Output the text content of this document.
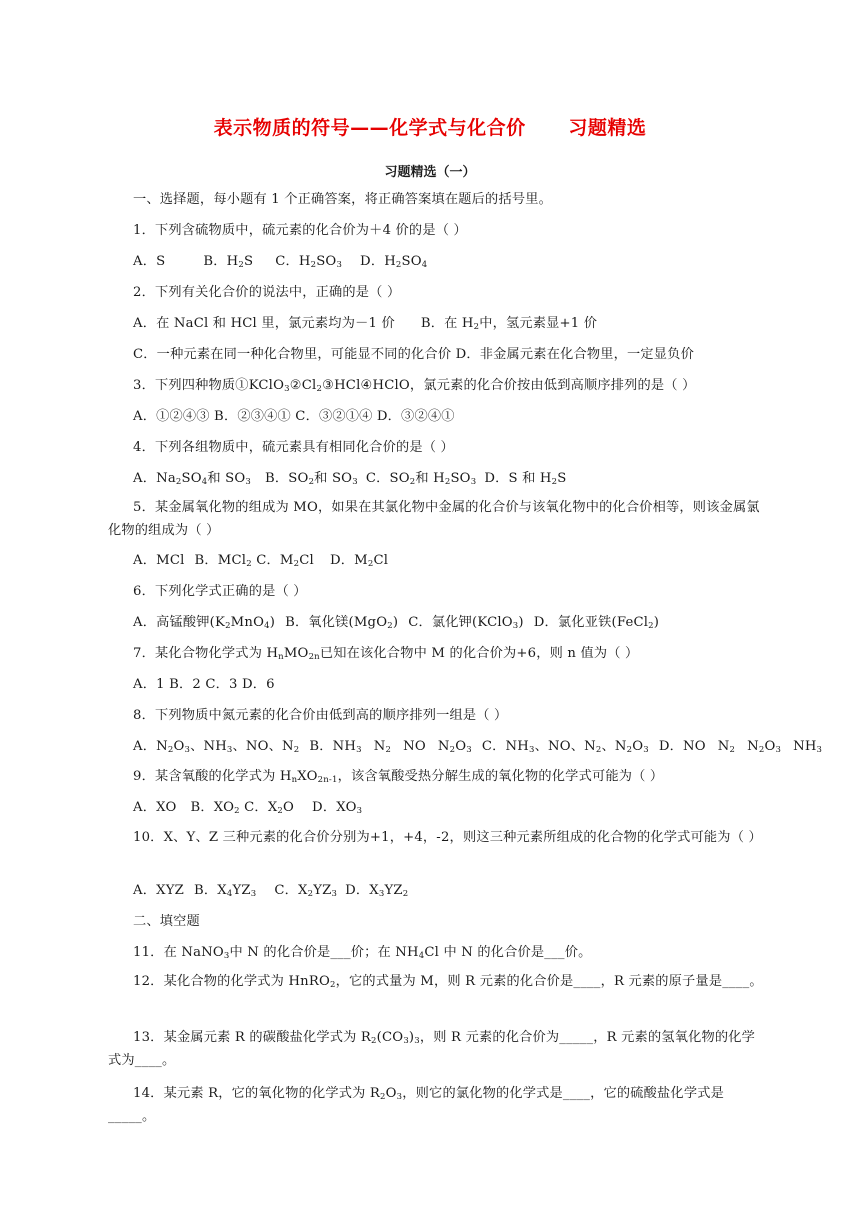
表示物质的符号——化学式与化合价      习题精选
习题精选（一）
一、选择题，每小题有 1 个正确答案，将正确答案填在题后的括号里。
1．下列含硫物质中，硫元素的化合价为＋4 价的是（ ）
A．S	B．$H_2S$ C．$H_2SO_3$ D．$H_2SO_4$
2．下列有关化合价的说法中，正确的是（ ）
A．在 NaCl 和 HCl 里，氯元素均为－1 价 B．在 $H_2$中，氢元素显+1 价
C．一种元素在同一种化合物里，可能显不同的化合价 D．非金属元素在化合物里，一定显负价
3．下列四种物质$①KClO_3②Cl_2③HCl④HClO$，氯元素的化合价按由低到高顺序排列的是（ ）
A．①②④③ B．②③④① C．③②①④ D．③②④①
4．下列各组物质中，硫元素具有相同化合价的是（ ）
A．$Na_2SO_4$和 $SO_3$ B．$SO_2$和 $SO_3$ C．$SO_2$和 $H_2SO_3$ D．S 和 $H_2S$
5．某金属氧化物的组成为 MO，如果在其氯化物中金属的化合价与该氧化物中的化合价相等，则该金属氯化物的组成为（ ）
A．MCl B．MCl$_2$ C．$M_2Cl$ D．$M_2Cl$
6．下列化学式正确的是（ ）
A．高锰酸钾$(K_2MnO_4)$ B．氧化镁(MgO$_2$) C．氯化钾(KClO$_3$) D．氯化亚铁(FeCl$_2$)
7．某化合物化学式为 $H_nMO_{2n}$已知在该化合物中 M 的化合价为+6，则 n 值为（ ）
A．1 B．2 C．3 D．6
8．下列物质中氮元素的化合价由低到高的顺序排列一组是（ ）
A．$N_2O_3$、$NH_3$、NO、$N_2$ B．$NH_3$ $N_2$ NO $N_2O_3$ C．$NH_3$、NO、$N_2$、$N_2O_3$ D．NO $N_2$ $N_2O_3$ $NH_3$
9．某含氧酸的化学式为 $H_nXO_{2n-1}$，该含氧酸受热分解生成的氧化物的化学式可能为（ ）
A．XO B．$XO_2$ C．$X_2O$ D．$XO_3$
10．X、Y、Z 三种元素的化合价分别为+1，+4，-2，则这三种元素所组成的化合物的化学式可能为（ ）
A．XYZ B．$X_4YZ_3$ C．$X_2YZ_3$ D．$X_3YZ_2$
二、填空题
11．在 NaNO$_3$中 N 的化合价是___价；在 $NH_4Cl$ 中 N 的化合价是___价。
12．某化合物的化学式为 HnRO$_2$，它的式量为 M，则 R 元素的化合价是____，R 元素的原子量是____。
13．某金属元素 R 的碳酸盐化学式为 $R_2(CO_3)_3$，则 R 元素的化合价为_____，R 元素的氢氧化物的化学式为____。
14．某元素 R，它的氧化物的化学式为 $R_2O_3$，则它的氯化物的化学式是____，它的硫酸盐化学式是_____。
